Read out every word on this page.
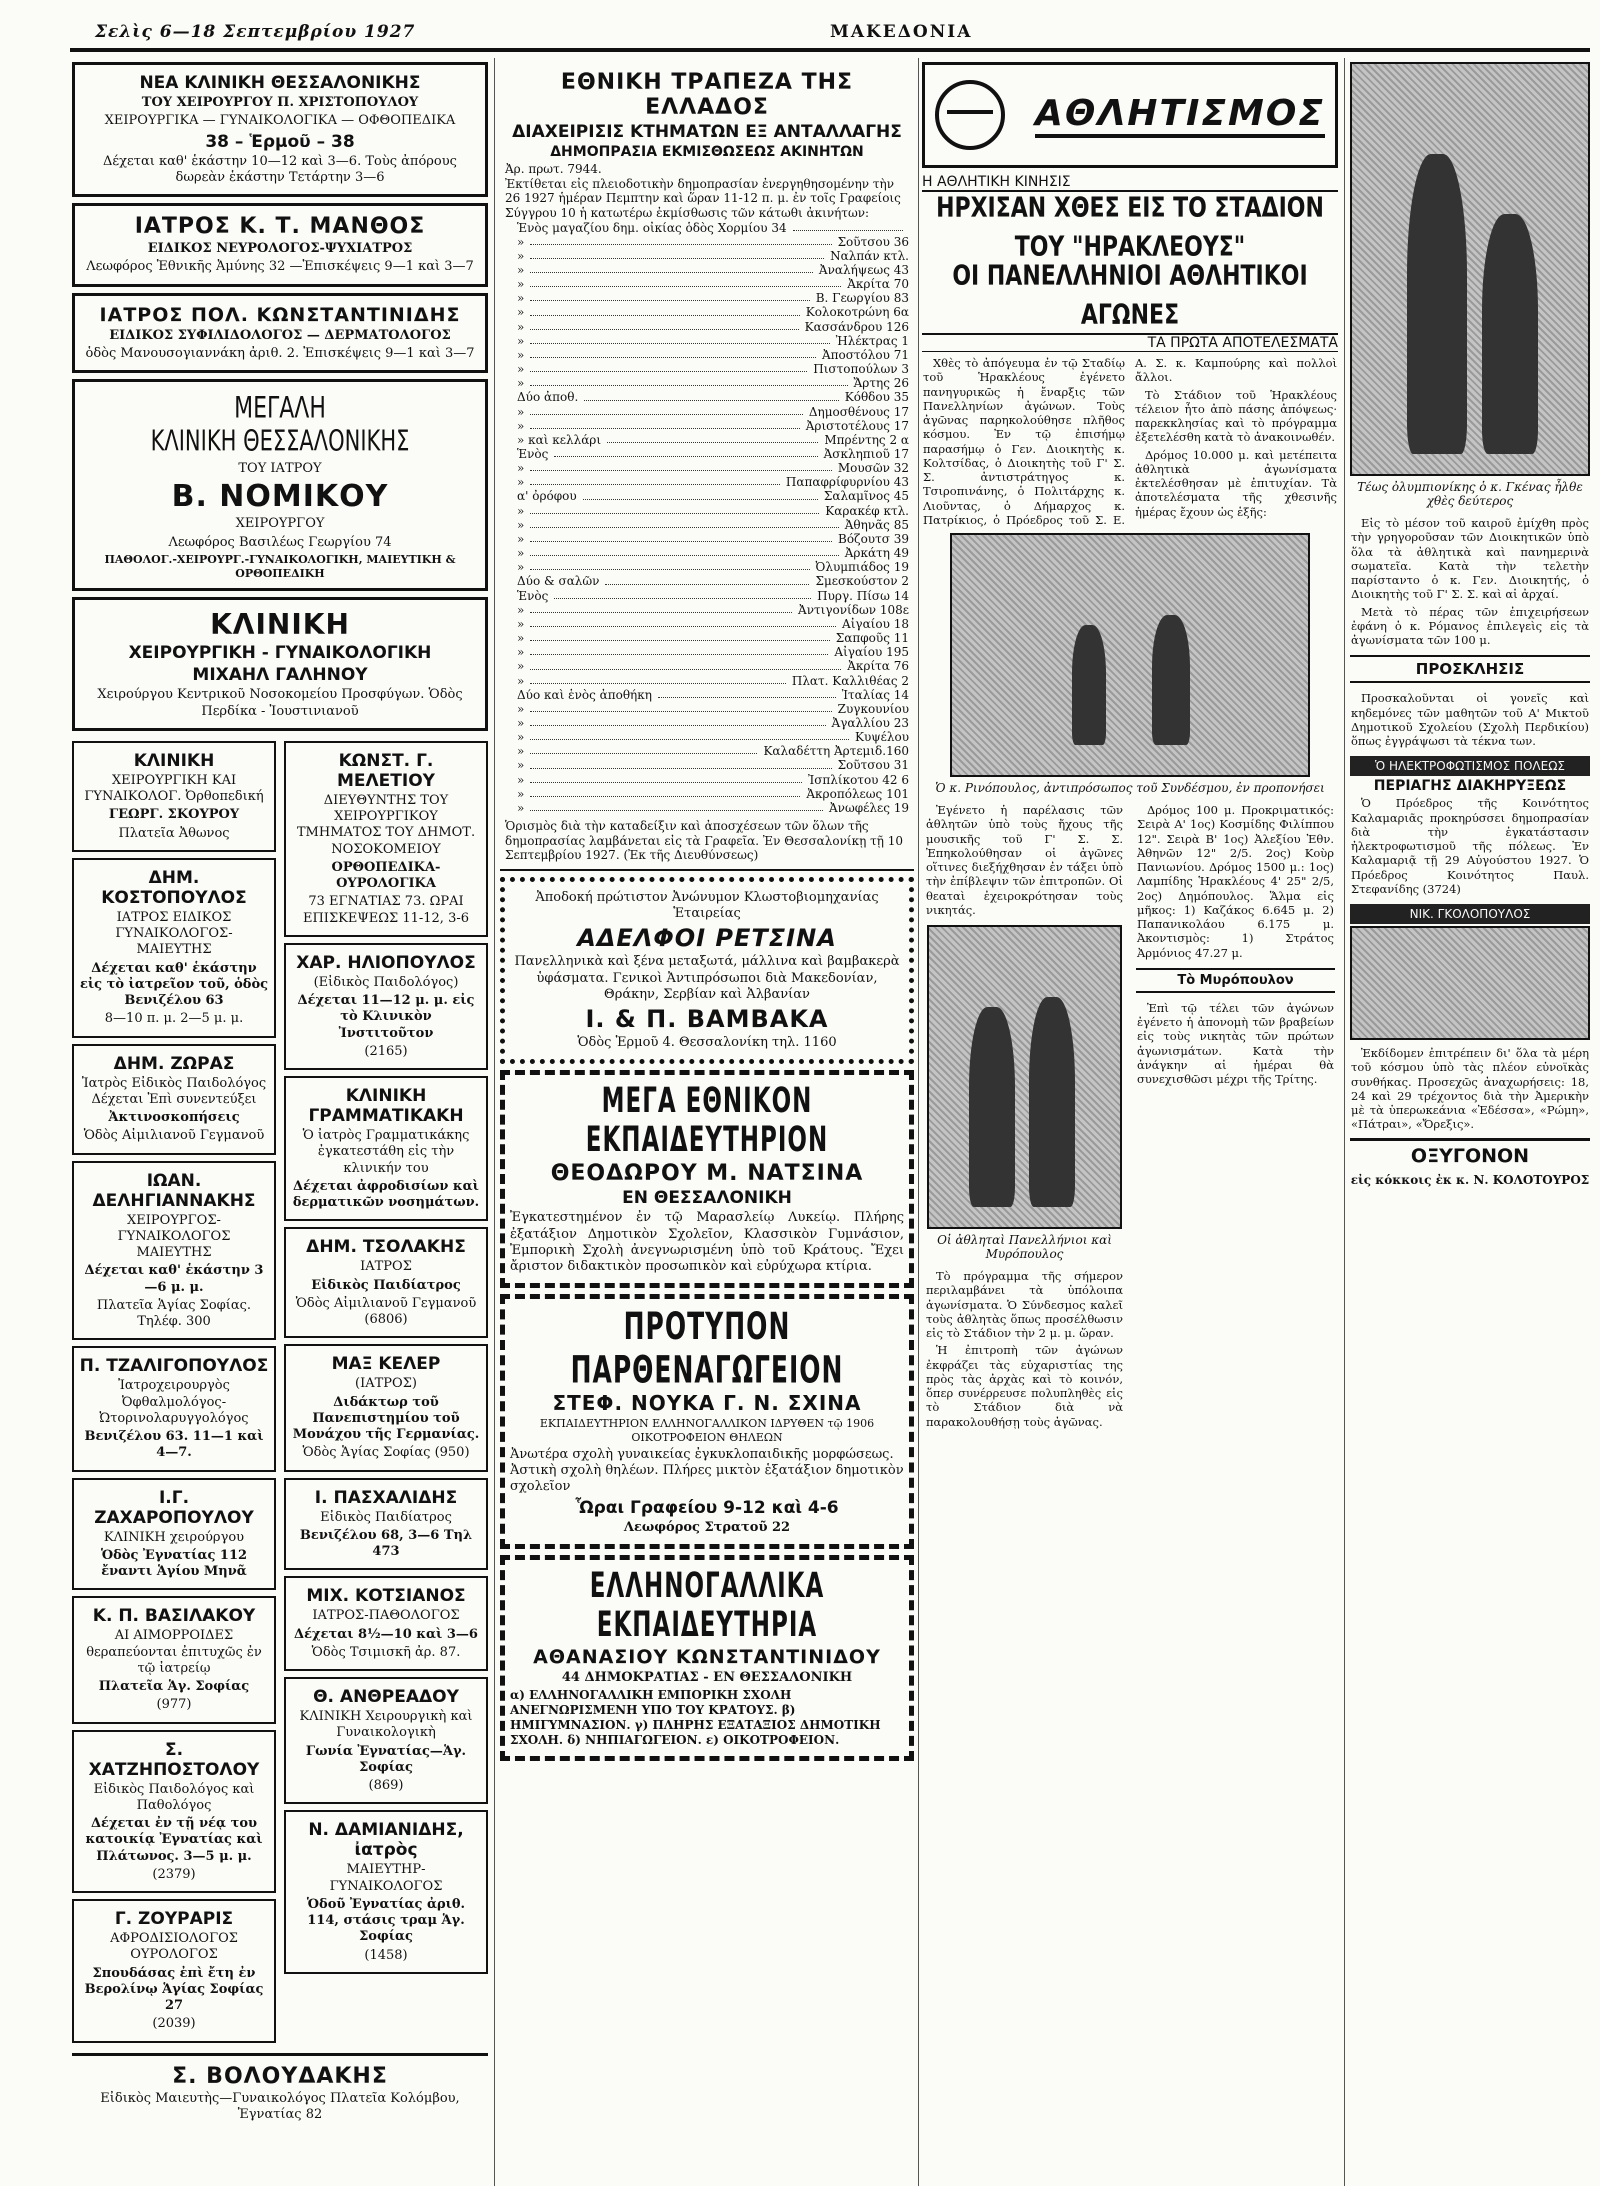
Σελὶς 6—18 Σεπτεμβρίου 1927	ΜΑΚΕΔΟΝΙΑ
ΝΕΑ ΚΛΙΝΙΚΗ ΘΕΣΣΑΛΟΝΙΚΗΣ

ΤΟΥ ΧΕΙΡΟΥΡΓΟΥ Π. ΧΡΙΣΤΟΠΟΥΛΟΥ

ΧΕΙΡΟΥΡΓΙΚΑ — ΓΥΝΑΙΚΟΛΟΓΙΚΑ — ΟΦΘΟΠΕΔΙΚΑ

38 – Ἑρμοῦ – 38

Δέχεται καθ' ἑκάστην 10—12 καὶ 3—6. Τοὺς ἀπόρους δωρεὰν ἑκάστην Τετάρτην 3—6

ΙΑΤΡΟΣ Κ. Τ. ΜΑΝΘΟΣ

ΕΙΔΙΚΟΣ ΝΕΥΡΟΛΟΓΟΣ-ΨΥΧΙΑΤΡΟΣ

Λεωφόρος Ἐθνικῆς Ἀμύνης 32 —Ἐπισκέψεις 9—1 καὶ 3—7

ΙΑΤΡΟΣ ΠΟΛ. ΚΩΝΣΤΑΝΤΙΝΙΔΗΣ

ΕΙΔΙΚΟΣ ΣΥΦΙΛΙΔΟΛΟΓΟΣ — ΔΕΡΜΑΤΟΛΟΓΟΣ

ὁδὸς Μανουσογιαννάκη ἀριθ. 2. Ἐπισκέψεις 9—1 καὶ 3—7

ΜΕΓΑΛΗ
ΚΛΙΝΙΚΗ ΘΕΣΣΑΛΟΝΙΚΗΣ

ΤΟΥ ΙΑΤΡΟΥ

Β. ΝΟΜΙΚΟΥ

ΧΕΙΡΟΥΡΓΟΥ

Λεωφόρος Βασιλέως Γεωργίου 74

ΠΑΘΟΛΟΓ.-ΧΕΙΡΟΥΡΓ.-ΓΥΝΑΙΚΟΛΟΓΙΚΗ, ΜΑΙΕΥΤΙΚΗ & ΟΡΘΟΠΕΔΙΚΗ

ΚΛΙΝΙΚΗ
ΧΕΙΡΟΥΡΓΙΚΗ - ΓΥΝΑΙΚΟΛΟΓΙΚΗ
ΜΙΧΑΗΛ ΓΑΛΗΝΟΥ

Χειρούργου Κεντρικοῦ Νοσοκομείου Προσφύγων. Ὁδὸς Περδίκα - Ἰουστινιανοῦ

ΚΛΙΝΙΚΗ

ΧΕΙΡΟΥΡΓΙΚΗ ΚΑΙ ΓΥΝΑΙΚΟΛΟΓ. Ὀρθοπεδική

ΓΕΩΡΓ. ΣΚΟΥΡΟΥ

Πλατεῖα Ἀθωνος

ΔΗΜ. ΚΟΣΤΟΠΟΥΛΟΣ

ΙΑΤΡΟΣ ΕΙΔΙΚΟΣ ΓΥΝΑΙΚΟΛΟΓΟΣ-ΜΑΙΕΥΤΗΣ

Δέχεται καθ' ἑκάστην εἰς τὸ ἰατρεῖον τοῦ, ὁδὸς Βενιζέλου 63

8—10 π. μ. 2—5 μ. μ.

ΔΗΜ. ΖΩΡΑΣ

Ἰατρὸς Εἰδικὸς Παιδολόγος Δέχεται Ἐπὶ συνεντεύξει

Ἀκτινοσκοπήσεις

Ὁδὸς Αἰμιλιανοῦ Γεγμανοῦ

ΙΩΑΝ. ΔΕΛΗΓΙΑΝΝΑΚΗΣ

ΧΕΙΡΟΥΡΓΟΣ-ΓΥΝΑΙΚΟΛΟΓΟΣ ΜΑΙΕΥΤΗΣ

Δέχεται καθ' ἑκάστην 3—6 μ. μ.

Πλατεῖα Ἁγίας Σοφίας. Τηλέφ. 300

Π. ΤΖΑΛΙΓΟΠΟΥΛΟΣ

Ἰατροχειρουργὸς Ὀφθαλμολόγος-Ὠτορινολαρυγγολόγος

Βενιζέλου 63. 11—1 καὶ 4—7.

Ι.Γ. ΖΑΧΑΡΟΠΟΥΛΟΥ

ΚΛΙΝΙΚΗ χειρούργου

Ὁδὸς Ἐγνατίας 112 ἔναντι Ἁγίου Μηνᾶ

Κ. Π. ΒΑΣΙΛΑΚΟΥ

ΑΙ ΑΙΜΟΡΡΟΙΔΕΣ θεραπεύονται ἐπιτυχῶς ἐν τῷ ἰατρείῳ

Πλατεῖα Ἁγ. Σοφίας

(977)

Σ. ΧΑΤΖΗΠΟΣΤΟΛΟΥ

Εἰδικὸς Παιδολόγος καὶ Παθολόγος

Δέχεται ἐν τῇ νέᾳ του κατοικίᾳ Ἐγνατίας καὶ Πλάτωνος. 3—5 μ. μ.

(2379)

Γ. ΖΟΥΡΑΡΙΣ

ΑΦΡΟΔΙΣΙΟΛΟΓΟΣ ΟΥΡΟΛΟΓΟΣ

Σπουδάσας ἐπὶ ἔτη ἐν Βερολίνῳ Ἁγίας Σοφίας 27

(2039)

ΚΩΝΣΤ. Γ. ΜΕΛΕΤΙΟΥ

ΔΙΕΥΘΥΝΤΗΣ ΤΟΥ ΧΕΙΡΟΥΡΓΙΚΟΥ ΤΜΗΜΑΤΟΣ ΤΟΥ ΔΗΜΟΤ. ΝΟΣΟΚΟΜΕΙΟΥ

ΟΡΘΟΠΕΔΙΚΑ-ΟΥΡΟΛΟΓΙΚΑ

73 ΕΓΝΑΤΙΑΣ 73. ΩΡΑΙ ΕΠΙΣΚΕΨΕΩΣ 11-12, 3-6

ΧΑΡ. ΗΛΙΟΠΟΥΛΟΣ

(Εἰδικὸς Παιδολόγος)

Δέχεται 11—12 μ. μ. εἰς τὸ Κλινικὸν Ἰνστιτοῦτον

(2165)

ΚΛΙΝΙΚΗ ΓΡΑΜΜΑΤΙΚΑΚΗ

Ὁ ἰατρὸς Γραμματικάκης ἐγκατεστάθη εἰς τὴν κλινικήν του

Δέχεται ἀφροδισίων καὶ δερματικῶν νοσημάτων.

ΔΗΜ. ΤΣΟΛΑΚΗΣ

ΙΑΤΡΟΣ

Εἰδικὸς Παιδίατρος

Ὁδὸς Αἰμιλιανοῦ Γεγμανοῦ (6806)

ΜΑΞ ΚΕΛΕΡ

(ΙΑΤΡΟΣ)

Διδάκτωρ τοῦ Πανεπιστημίου τοῦ Μονάχου τῆς Γερμανίας.

Ὁδὸς Ἁγίας Σοφίας (950)

Ι. ΠΑΣΧΑΛΙΔΗΣ

Εἰδικὸς Παιδίατρος

Βενιζέλου 68, 3—6 Τηλ 473

ΜΙΧ. ΚΟΤΣΙΑΝΟΣ

ΙΑΤΡΟΣ-ΠΑΘΟΛΟΓΟΣ

Δέχεται 8½—10 καὶ 3—6

Ὁδὸς Τσιμισκῆ ἀρ. 87.

Θ. ΑΝΘΡΕΑΔΟΥ

ΚΛΙΝΙΚΗ Χειρουργικὴ καὶ Γυναικολογικὴ

Γωνία Ἐγνατίας—Ἁγ. Σοφίας

(869)

Ν. ΔΑΜΙΑΝΙΔΗΣ, ἰατρὸς

ΜΑΙΕΥΤΗΡ-ΓΥΝΑΙΚΟΛΟΓΟΣ

Ὁδοῦ Ἐγνατίας ἀριθ. 114, στάσις τραμ Ἁγ. Σοφίας

(1458)

Σ. ΒΟΛΟΥΔΑΚΗΣ

Εἰδικὸς Μαιευτὴς—Γυναικολόγος Πλατεῖα Κολόμβου, Ἐγνατίας 82

ΕΘΝΙΚΗ ΤΡΑΠΕΖΑ ΤΗΣ ΕΛΛΑΔΟΣ
ΔΙΑΧΕΙΡΙΣΙΣ ΚΤΗΜΑΤΩΝ ΕΞ ΑΝΤΑΛΛΑΓΗΣ
ΔΗΜΟΠΡΑΣΙΑ ΕΚΜΙΣΘΩΣΕΩΣ ΑΚΙΝΗΤΩΝ
Ἀρ. πρωτ. 7944.
Ἐκτίθεται εἰς πλειοδοτικὴν δημοπρασίαν ἐνεργηθησομένην τὴν 26 1927 ἡμέραν Πεμπτην καὶ ὥραν 11-12 π. μ. ἐν τοῖς Γραφείοις Σύγγρου 10 ἡ κατωτέρω ἐκμίσθωσις τῶν κάτωθι ἀκινήτων:
Ἑνὸς μαγαζίου δημ. οἰκίας ὁδὸς Χορμίου 34
»	Σοῦτσου 36
»	Ναλπάν κτλ.
»	Ἀναλήψεως 43
»	Ἀκρίτα 70
»	Β. Γεωργίου 83
»	Κολοκοτρώνη 6α
»	Κασσάνδρου 126
»	Ἠλέκτρας 1
»	Ἀποστόλου 71
»	Πιστοπούλων 3
»	Ἄρτης 26
Δύο ἀποθ.	Κόθδου 35
»	Δημοσθένους 17
»	Ἀριστοτέλους 17
» καὶ κελλάρι	Μπρέντης 2 α
Ἑνὸς	Ἀσκληπιοῦ 17
»	Μουσῶν 32
»	Παπαφρίφυρνίου 43
α' ὀρόφου	Σαλαμῖνος 45
»	Καρακέφ κτλ.
»	Ἀθηνᾶς 85
»	Βόζουτσ 39
»	Ἀρκάτη 49
»	Ὀλυμπιάδος 19
Δύο & σαλῶν	Σμεσκούστον 2
Ἑνὸς	Πυργ. Πίσω 14
»	Ἀντιγονίδων 108ε
»	Αἰγαίου 18
»	Σαπφοῦς 11
»	Αἰγαίου 195
»	Ἀκρίτα 76
»	Πλατ. Καλλιθέας 2
Δύο καὶ ἑνὸς ἀποθήκη	Ἰταλίας 14
»	Ζυγκουνίου
»	Ἀγαλλίου 23
»	Κυψέλου
»	Καλαδέττη Ἀρτεμιδ.160
»	Σοῦτσου 31
»	Ἰσπλίκοτου 42 6
»	Ἀκροπόλεως 101
»	Ἀνωφέλες 19
Ὁρισμὸς διὰ τὴν καταδείξιν καὶ ἀποσχέσεων τῶν ὅλων τῆς δημοπρασίας λαμβάνεται εἰς τὰ Γραφεῖα. Ἐν Θεσσαλονίκῃ τῇ 10 Σεπτεμβρίου 1927. (Ἐκ τῆς Διευθύνσεως)

Ἀποδοκή πρώτιστον Ἀνώνυμον Κλωστοβιομηχανίας Ἑταιρείας

ΑΔΕΛΦΟΙ ΡΕΤΣΙΝΑ

Πανελληνικὰ καὶ ξένα μεταξωτά, μάλλινα καὶ βαμβακερὰ ὑφάσματα. Γενικοὶ Ἀντιπρόσωποι διὰ Μακεδονίαν, Θράκην, Σερβίαν καὶ Ἀλβανίαν

Ι. & Π. ΒΑΜΒΑΚΑ

Ὁδὸς Ἑρμοῦ 4. Θεσσαλονίκη τηλ. 1160

ΜΕΓΑ ΕΘΝΙΚΟΝ ΕΚΠΑΙΔΕΥΤΗΡΙΟΝ
ΘΕΟΔΩΡΟΥ Μ. ΝΑΤΣΙΝΑ
ΕΝ ΘΕΣΣΑΛΟΝΙΚΗ

Ἐγκατεστημένον ἐν τῷ Μαρασλείῳ Λυκείῳ. Πλήρης ἐξατάξιον Δημοτικὸν Σχολεῖον, Κλασσικὸν Γυμνάσιον, Ἐμπορικὴ Σχολὴ ἀνεγνωρισμένη ὑπὸ τοῦ Κράτους. Ἔχει ἄριστον διδακτικὸν προσωπικὸν καὶ εὐρύχωρα κτίρια.

ΠΡΟΤΥΠΟΝ ΠΑΡΘΕΝΑΓΩΓΕΙΟΝ
ΣΤΕΦ. ΝΟΥΚΑ Γ. Ν. ΣΧΙΝΑ

ΕΚΠΑΙΔΕΥΤΗΡΙΟΝ ΕΛΛΗΝΟΓΑΛΛΙΚΟΝ ΙΔΡΥΘΕΝ τῷ 1906 ΟΙΚΟΤΡΟΦΕΙΟΝ ΘΗΛΕΩΝ

Ἀνωτέρα σχολὴ γυναικείας ἐγκυκλοπαιδικῆς μορφώσεως. Ἀστικὴ σχολὴ θηλέων. Πλήρες μικτὸν ἑξατάξιον δημοτικὸν σχολεῖον

Ὧραι Γραφείου 9-12 καὶ 4-6

Λεωφόρος Στρατοῦ 22

ΕΛΛΗΝΟΓΑΛΛΙΚΑ ΕΚΠΑΙΔΕΥΤΗΡΙΑ
ΑΘΑΝΑΣΙΟΥ ΚΩΝΣΤΑΝΤΙΝΙΔΟΥ

44 ΔΗΜΟΚΡΑΤΙΑΣ - ΕΝ ΘΕΣΣΑΛΟΝΙΚΗ

α) ΕΛΛΗΝΟΓΑΛΛΙΚΗ ΕΜΠΟΡΙΚΗ ΣΧΟΛΗ ΑΝΕΓΝΩΡΙΣΜΕΝΗ ΥΠΟ ΤΟΥ ΚΡΑΤΟΥΣ. β) ΗΜΙΓΥΜΝΑΣΙΟΝ. γ) ΠΛΗΡΗΣ ΕΞΑΤΑΞΙΟΣ ΔΗΜΟΤΙΚΗ ΣΧΟΛΗ. δ) ΝΗΠΙΑΓΩΓΕΙΟΝ. ε) ΟΙΚΟΤΡΟΦΕΙΟΝ.

ΑΘΛΗΤΙΣΜΟΣ
Η ΑΘΛΗΤΙΚΗ ΚΙΝΗΣΙΣ
ΗΡΧΙΣΑΝ ΧΘΕΣ ΕΙΣ ΤΟ ΣΤΑΔΙΟΝ ΤΟΥ "ΗΡΑΚΛΕΟΥΣ"
ΟΙ ΠΑΝΕΛΛΗΝΙΟΙ ΑΘΛΗΤΙΚΟΙ ΑΓΩΝΕΣ
ΤΑ ΠΡΩΤΑ ΑΠΟΤΕΛΕΣΜΑΤΑ

Χθὲς τὸ ἀπόγευμα ἐν τῷ Σταδίῳ τοῦ Ἡρακλέους ἐγένετο πανηγυρικῶς ἡ ἔναρξις τῶν Πανελληνίων ἀγώνων. Τοὺς ἀγῶνας παρηκολούθησε πλῆθος κόσμου. Ἐν τῷ ἐπισήμῳ παρασήμῳ ὁ Γεν. Διοικητὴς κ. Κολτσίδας, ὁ Διοικητὴς τοῦ Γ' Σ. Σ. ἀντιστράτηγος κ. Τσιροπινάνης, ὁ Πολιτάρχης κ. Λιοῦντας, ὁ Δήμαρχος κ. Πατρίκιος, ὁ Πρόεδρος τοῦ Σ. Ε. Α. Σ. κ. Καμπούρης καὶ πολλοὶ ἄλλοι.

Τὸ Στάδιον τοῦ Ἡρακλέους τέλειον ἦτο ἀπὸ πάσης ἀπόψεως· παρεκκλησίας καὶ τὸ πρόγραμμα ἐξετελέσθη κατὰ τὸ ἀνακοινωθέν.

Δρόμος 10.000 μ. καὶ μετέπειτα ἀθλητικὰ ἀγωνίσματα ἐκτελέσθησαν μὲ ἐπιτυχίαν. Τὰ ἀποτελέσματα τῆς χθεσινῆς ἡμέρας ἔχουν ὡς ἑξῆς:

Ὁ κ. Ρινόπουλος, ἀντιπρόσωπος τοῦ Συνδέσμου, ἐν προπονήσει

Ἐγένετο ἡ παρέλασις τῶν ἀθλητῶν ὑπὸ τοὺς ἤχους τῆς μουσικῆς τοῦ Γ' Σ. Σ. Ἐπηκολούθησαν οἱ ἀγῶνες οἵτινες διεξήχθησαν ἐν τάξει ὑπὸ τὴν ἐπίβλεψιν τῶν ἐπιτροπῶν. Οἱ θεαταὶ ἐχειροκρότησαν τοὺς νικητάς.

Οἱ ἀθληταὶ Πανελλήνιοι καὶ Μυρόπουλος

Τὸ πρόγραμμα τῆς σήμερον περιλαμβάνει τὰ ὑπόλοιπα ἀγωνίσματα. Ὁ Σύνδεσμος καλεῖ τοὺς ἀθλητὰς ὅπως προσέλθωσιν εἰς τὸ Στάδιον τὴν 2 μ. μ. ὥραν.

Ἡ ἐπιτροπὴ τῶν ἀγώνων ἐκφράζει τὰς εὐχαριστίας της πρὸς τὰς ἀρχὰς καὶ τὸ κοινόν, ὅπερ συνέρρευσε πολυπληθὲς εἰς τὸ Στάδιον διὰ νὰ παρακολουθήσῃ τοὺς ἀγῶνας.

Δρόμος 100 μ. Προκριματικός: Σειρὰ Α' 1ος) Κοσμίδης Φιλίππου 12". Σειρὰ Β' 1ος) Ἀλεξίου Ἐθν. Ἀθηνῶν 12" 2/5. 2ος) Κοὺρ Πανιωνίου. Δρόμος 1500 μ.: 1ος) Λαμπίδης Ἡρακλέους 4' 25" 2/5, 2ος) Δημόπουλος. Ἅλμα εἰς μῆκος: 1) Καζάκος 6.645 μ. 2) Παπανικολάου 6.175 μ. Ἀκοντισμὸς: 1) Στράτος Ἀρμόνιος 47.27 μ.

Τὸ Μυρόπουλον

Ἐπὶ τῷ τέλει τῶν ἀγώνων ἐγένετο ἡ ἀπονομὴ τῶν βραβείων εἰς τοὺς νικητὰς τῶν πρώτων ἀγωνισμάτων. Κατὰ τὴν ἀνάγκην αἱ ἡμέραι θὰ συνεχισθῶσι μέχρι τῆς Τρίτης.

Τέως ὀλυμπιονίκης ὁ κ. Γκένας ἦλθε χθὲς δεύτερος

Εἰς τὸ μέσον τοῦ καιροῦ ἐμίχθη πρὸς τὴν γρηγοροῦσαν τῶν Διοικητικῶν ὑπὸ ὅλα τὰ ἀθλητικὰ καὶ πανημερινὰ σωματεῖα. Κατὰ τὴν τελετὴν παρίσταντο ὁ κ. Γεν. Διοικητής, ὁ Διοικητὴς τοῦ Γ' Σ. Σ. καὶ αἱ ἀρχαί.

Μετὰ τὸ πέρας τῶν ἐπιχειρήσεων ἐφάνη ὁ κ. Ρόμανος ἐπιλεγεὶς εἰς τὰ ἀγωνίσματα τῶν 100 μ.

ΠΡΟΣΚΛΗΣΙΣ

Προσκαλοῦνται οἱ γονεῖς καὶ κηδεμόνες τῶν μαθητῶν τοῦ Α' Μικτοῦ Δημοτικοῦ Σχολείου (Σχολὴ Περδικίου) ὅπως ἐγγράψωσι τὰ τέκνα των.

Ὁ ΗΛΕΚΤΡΟΦΩΤΙΣΜΟΣ ΠΟΛΕΩΣ
ΠΕΡΙΑΓΗΣ ΔΙΑΚΗΡΥΞΕΩΣ

Ὁ Πρόεδρος τῆς Κοινότητος Καλαμαριᾶς προκηρύσσει δημοπρασίαν διὰ τὴν ἐγκατάστασιν ἠλεκτροφωτισμοῦ τῆς πόλεως. Ἐν Καλαμαριᾷ τῇ 29 Αὐγούστου 1927. Ὁ Πρόεδρος Κοινότητος Παυλ. Στεφανίδης (3724)

ΝΙΚ. ΓΚΟΛΟΠΟΥΛΟΣ

Ἐκδίδομεν ἐπιτρέπειν δι' ὅλα τὰ μέρη τοῦ κόσμου ὑπὸ τὰς πλέον εὐνοϊκὰς συνθήκας. Προσεχῶς ἀναχωρήσεις: 18, 24 καὶ 29 τρέχοντος διὰ τὴν Ἀμερικὴν μὲ τὰ ὑπερωκεάνια «Ἐδέσσα», «Ρώμη», «Πάτραι», «Ὄρεξις».

ΟΞΥΓΟΝΟΝ
εἰς κόκκοις ἐκ κ. Ν. ΚΟΛΟΤΟΥΡΟΣ
